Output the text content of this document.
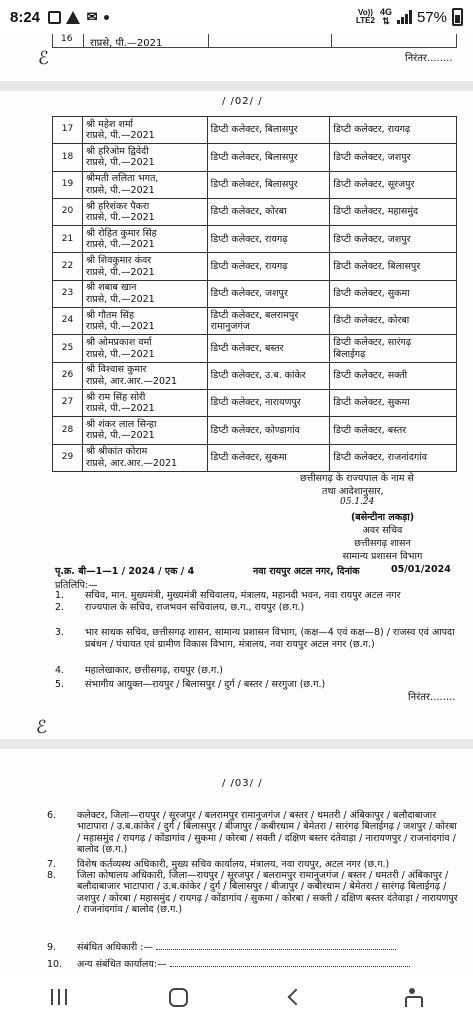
8:24	✉	Vo))
LTE2
4G
⇅ 57%
16 राप्रसे, पी.—2021
निरंतर........
ℰ
/ /02/ /
17	श्री महेश शर्मा
राप्रसे, पी.—2021	डिप्टी कलेक्टर, बिलासपुर	डिप्टी कलेक्टर, रायगढ़
18	श्री हरिओम द्विवेदी
राप्रसे, पी.—2021	डिप्टी कलेक्टर, बिलासपुर	डिप्टी कलेक्टर, जशपुर
19	श्रीमती ललिता भगत,
राप्रसे, पी.—2021	डिप्टी कलेक्टर, बिलासपुर	डिप्टी कलेक्टर, सूरजपुर
20	श्री हरिशंकर पैकरा
राप्रसे, पी.—2021	डिप्टी कलेक्टर, कोरबा	डिप्टी कलेक्टर, महासमुंद
21	श्री रोहित कुमार सिंह
राप्रसे, पी.—2021	डिप्टी कलेक्टर, रायगढ़	डिप्टी कलेक्टर, जशपुर
22	श्री शिवकुमार कंवर
राप्रसे, पी.—2021	डिप्टी कलेक्टर, रायगढ़	डिप्टी कलेक्टर, बिलासपुर
23	श्री शबाब खान
राप्रसे, पी.—2021	डिप्टी कलेक्टर, जशपुर	डिप्टी कलेक्टर, सुकमा
24	श्री गौतम सिंह
राप्रसे, पी.—2021	डिप्टी कलेक्टर, बलरामपुर
रामानुजगंज	डिप्टी कलेक्टर, कोरबा
25	श्री ओमप्रकाश वर्मा
राप्रसे, पी.—2021	डिप्टी कलेक्टर, बस्तर	डिप्टी कलेक्टर, सारंगढ़
बिलाईगढ़
26	श्री विश्वास कुमार
राप्रसे, आर.आर.—2021	डिप्टी कलेक्टर, उ.ब. कांकेर	डिप्टी कलेक्टर, सक्ती
27	श्री राम सिंह सोरी
राप्रसे, पी.—2021	डिप्टी कलेक्टर, नारायणपुर	डिप्टी कलेक्टर, सुकमा
28	श्री शंकर लाल सिन्हा
राप्रसे, पी.—2021	डिप्टी कलेक्टर, कोण्डागांव	डिप्टी कलेक्टर, बस्तर
29	श्री श्रीकांत कोराम
राप्रसे, आर.आर.—2021	डिप्टी कलेक्टर, सुकमा	डिप्टी कलेक्टर, राजनांदगांव
छत्तीसगढ़ के राज्यपाल के नाम से
तथा आदेशानुसार,
(बसेन्टीना लकड़ा)
अवर सचिव
छत्तीसगढ़ शासन
सामान्य प्रशासन विभाग
05.1.24
पृ.क्र. बी—1—1 / 2024 / एक / 4	नवा रायपुर अटल नगर, दिनांक	05/01/2024
प्रतिलिपि:—
1. सचिव, मान. मुख्यमंत्री, मुख्यमंत्री सचिवालय, मंत्रालय, महानदी भवन, नवा रायपुर अटल नगर
2. राज्यपाल के सचिव, राजभवन सचिवालय, छ.ग., रायपुर (छ.ग.)
3. भार साधक सचिव, छत्तीसगढ़ शासन, सामान्य प्रशासन विभाग, (कक्ष—4 एवं कक्ष—8) / राजस्व एवं आपदा प्रबंधन / पंचायत एवं ग्रामीण विकास विभाग, मंत्रालय, नवा रायपुर अटल नगर (छ.ग.)
4. महालेखाकार, छत्तीसगढ़, रायपुर (छ.ग.)
5. संभागीय आयुक्त—रायपुर / बिलासपुर / दुर्ग / बस्तर / सरगुजा (छ.ग.)
निरंतर........
ℰ
/ /03/ /
6. कलेक्टर, जिला—रायपुर / सूरजपुर / बलरामपुर रामानुजगंज / बस्तर / धमतरी / अंबिकापुर / बलौदाबाजार भाटापारा / उ.ब.कांकेर / दुर्ग / बिलासपुर / बीजापुर / कबीरधाम / बेमेतरा / सारंगढ़ बिलाईगढ़ / जशपुर / कोरबा / महासमुंद / रायगढ़ / कोंडागांव / सुकमा / कोरबा / सक्ती / दक्षिण बस्तर दंतेवाड़ा / नारायणपुर / राजनांदगांव / बालोद (छ.ग.)
7. विशेष कर्तव्यस्थ अधिकारी, मुख्य सचिव कार्यालय, मंत्रालय, नवा रायपुर, अटल नगर (छ.ग.)
8. जिला कोषालय अधिकारी, जिला—रायपुर / सूरजपुर / बलरामपुर रामानुजगंज / बस्तर / धमतरी / अंबिकापुर / बलौदाबाजार भाटापारा / उ.ब.कांकेर / दुर्ग / बिलासपुर / बीजापुर / कबीरधाम / बेमेतरा / सारंगढ़ बिलाईगढ़ / जशपुर / कोरबा / महासमुंद / रायगढ़ / कोंडागांव / सुकमा / कोरबा / सक्ती / दक्षिण बस्तर दंतेवाड़ा / नारायणपुर / राजनांदगांव / बालोद (छ.ग.)
9. संबंधित अधिकारी :—
10. अन्य संबंधित कार्यालय:—
